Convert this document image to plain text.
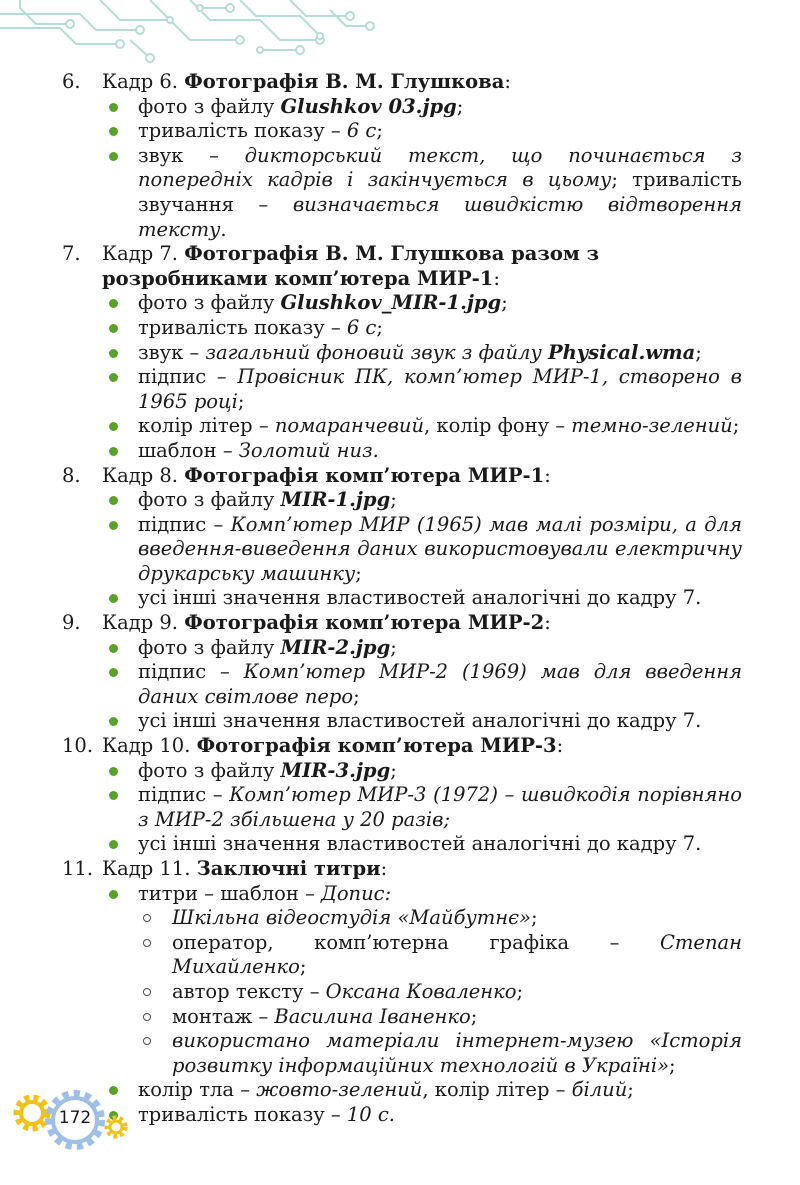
6. Кадр 6. Фотографія В. М. Глушкова:
фото з файлу Glushkov 03.jpg;
тривалість показу – 6 с;
звук – дикторський текст, що починається з попередніх кадрів і закінчується в цьому; тривалість звучання – визначається швидкістю відтворення тексту.
7. Кадр 7. Фотографія В. М. Глушкова разом з розробниками комп’ютера МИР-1:
фото з файлу Glushkov_MIR-1.jpg;
тривалість показу – 6 с;
звук – загальний фоновий звук з файлу Physical.wma;
підпис – Провісник ПК, комп’ютер МИР-1, створено в 1965 році;
колір літер – помаранчевий, колір фону – темно-зелений;
шаблон – Золотий низ.
8. Кадр 8. Фотографія комп’ютера МИР-1:
фото з файлу MIR-1.jpg;
підпис – Комп’ютер МИР (1965) мав малі розміри, а для введення-виведення даних використовували електричну друкарську машинку;
усі інші значення властивостей аналогічні до кадру 7.
9. Кадр 9. Фотографія комп’ютера МИР-2:
фото з файлу MIR-2.jpg;
підпис – Комп’ютер МИР-2 (1969) мав для введення даних світлове перо;
усі інші значення властивостей аналогічні до кадру 7.
10. Кадр 10. Фотографія комп’ютера МИР-3:
фото з файлу MIR-3.jpg;
підпис – Комп’ютер МИР-3 (1972) – швидкодія порівняно з МИР-2 збільшена у 20 разів;
усі інші значення властивостей аналогічні до кадру 7.
11. Кадр 11. Заключні титри:
титри – шаблон – Допис:
Шкільна відеостудія «Майбутнє»;
оператор, комп’ютерна графіка – Степан Михайленко;
автор тексту – Оксана Коваленко;
монтаж – Василина Іваненко;
використано матеріали інтернет-музею «Історія розвитку інформаційних технологій в Україні»;
колір тла – жовто-зелений, колір літер – білий;
тривалість показу – 10 с.
172
